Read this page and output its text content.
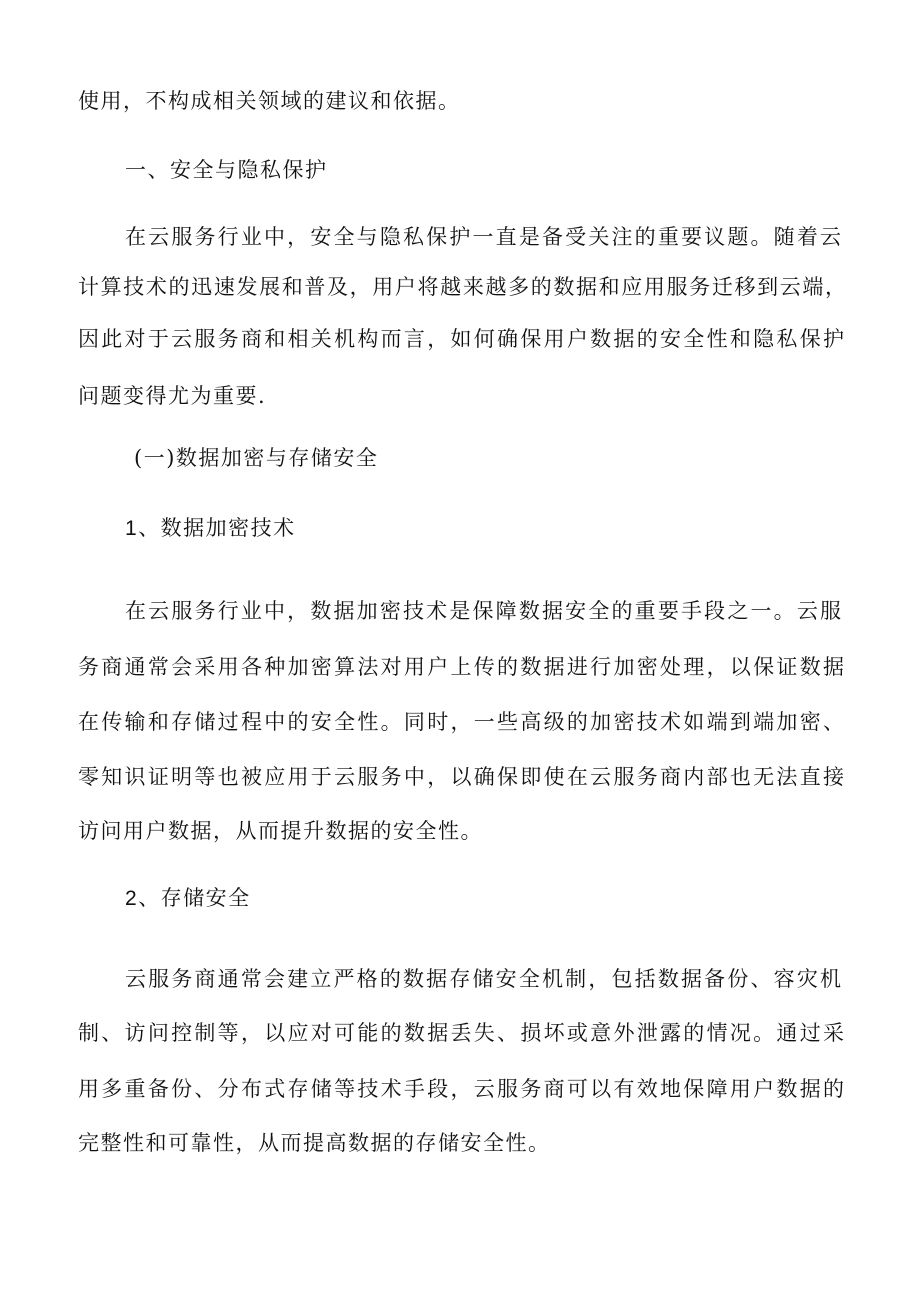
使用，不构成相关领域的建议和依据。
一、安全与隐私保护
在云服务行业中，安全与隐私保护一直是备受关注的重要议题。随着云
计算技术的迅速发展和普及，用户将越来越多的数据和应用服务迁移到云端，
因此对于云服务商和相关机构而言，如何确保用户数据的安全性和隐私保护
问题变得尤为重要.
(一)数据加密与存储安全
1、数据加密技术
在云服务行业中，数据加密技术是保障数据安全的重要手段之一。云服
务商通常会采用各种加密算法对用户上传的数据进行加密处理，以保证数据
在传输和存储过程中的安全性。同时，一些高级的加密技术如端到端加密、
零知识证明等也被应用于云服务中，以确保即使在云服务商内部也无法直接
访问用户数据，从而提升数据的安全性。
2、存储安全
云服务商通常会建立严格的数据存储安全机制，包括数据备份、容灾机
制、访问控制等，以应对可能的数据丢失、损坏或意外泄露的情况。通过采
用多重备份、分布式存储等技术手段，云服务商可以有效地保障用户数据的
完整性和可靠性，从而提高数据的存储安全性。
